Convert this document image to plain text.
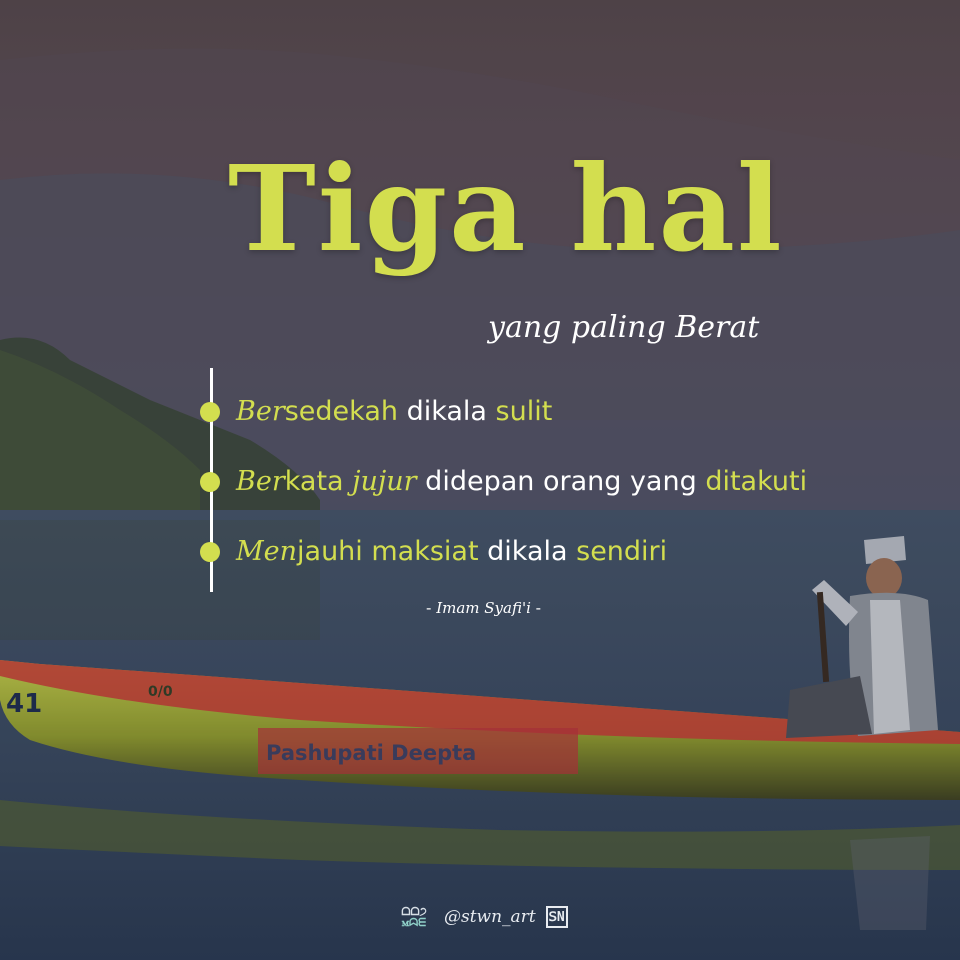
41	0/0
Pashupati Deepta
Tiga hal
yang paling Berat
Bersedekah dikala sulit
Berkata jujur didepan orang yang ditakuti
Menjauhi maksiat dikala sendiri
- Imam Syafi'i -
ᗝᗝ੭
ꮇᗣᗴ @stwn_art ꓢN
